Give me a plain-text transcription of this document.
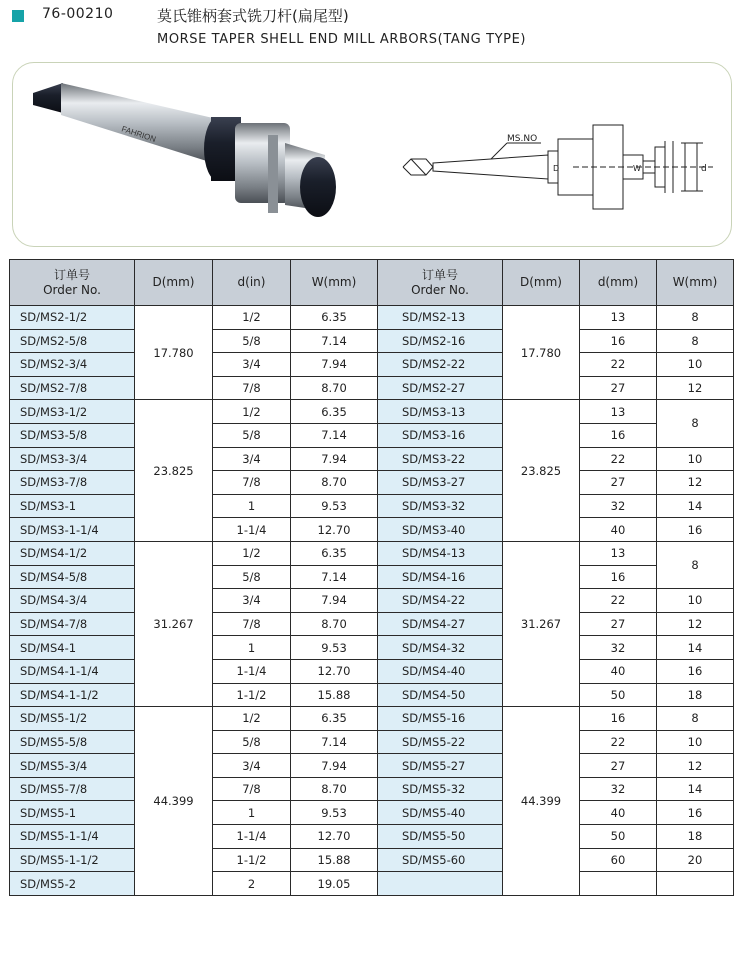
76-00210	莫氏锥柄套式铣刀杆(扁尾型)
MORSE TAPER SHELL END MILL ARBORS(TANG TYPE)
FAHRION	MS.NO
D	W	d
订单号
Order No.	D(mm)	d(in)	W(mm)	订单号
Order No.	D(mm)	d(mm)	W(mm)
SD/MS2-1/2	17.780	1/2	6.35	SD/MS2-13	17.780	13	8
SD/MS2-5/8		5/8	7.14	SD/MS2-16		16	8
SD/MS2-3/4		3/4	7.94	SD/MS2-22		22	10
SD/MS2-7/8		7/8	8.70	SD/MS2-27		27	12
SD/MS3-1/2	23.825	1/2	6.35	SD/MS3-13	23.825	13	8
SD/MS3-5/8		5/8	7.14	SD/MS3-16		16	
SD/MS3-3/4		3/4	7.94	SD/MS3-22		22	10
SD/MS3-7/8		7/8	8.70	SD/MS3-27		27	12
SD/MS3-1		1	9.53	SD/MS3-32		32	14
SD/MS3-1-1/4		1-1/4	12.70	SD/MS3-40		40	16
SD/MS4-1/2	31.267	1/2	6.35	SD/MS4-13	31.267	13	8
SD/MS4-5/8		5/8	7.14	SD/MS4-16		16	
SD/MS4-3/4		3/4	7.94	SD/MS4-22		22	10
SD/MS4-7/8		7/8	8.70	SD/MS4-27		27	12
SD/MS4-1		1	9.53	SD/MS4-32		32	14
SD/MS4-1-1/4		1-1/4	12.70	SD/MS4-40		40	16
SD/MS4-1-1/2		1-1/2	15.88	SD/MS4-50		50	18
SD/MS5-1/2	44.399	1/2	6.35	SD/MS5-16	44.399	16	8
SD/MS5-5/8		5/8	7.14	SD/MS5-22		22	10
SD/MS5-3/4		3/4	7.94	SD/MS5-27		27	12
SD/MS5-7/8		7/8	8.70	SD/MS5-32		32	14
SD/MS5-1		1	9.53	SD/MS5-40		40	16
SD/MS5-1-1/4		1-1/4	12.70	SD/MS5-50		50	18
SD/MS5-1-1/2		1-1/2	15.88	SD/MS5-60		60	20
SD/MS5-2		2	19.05				
